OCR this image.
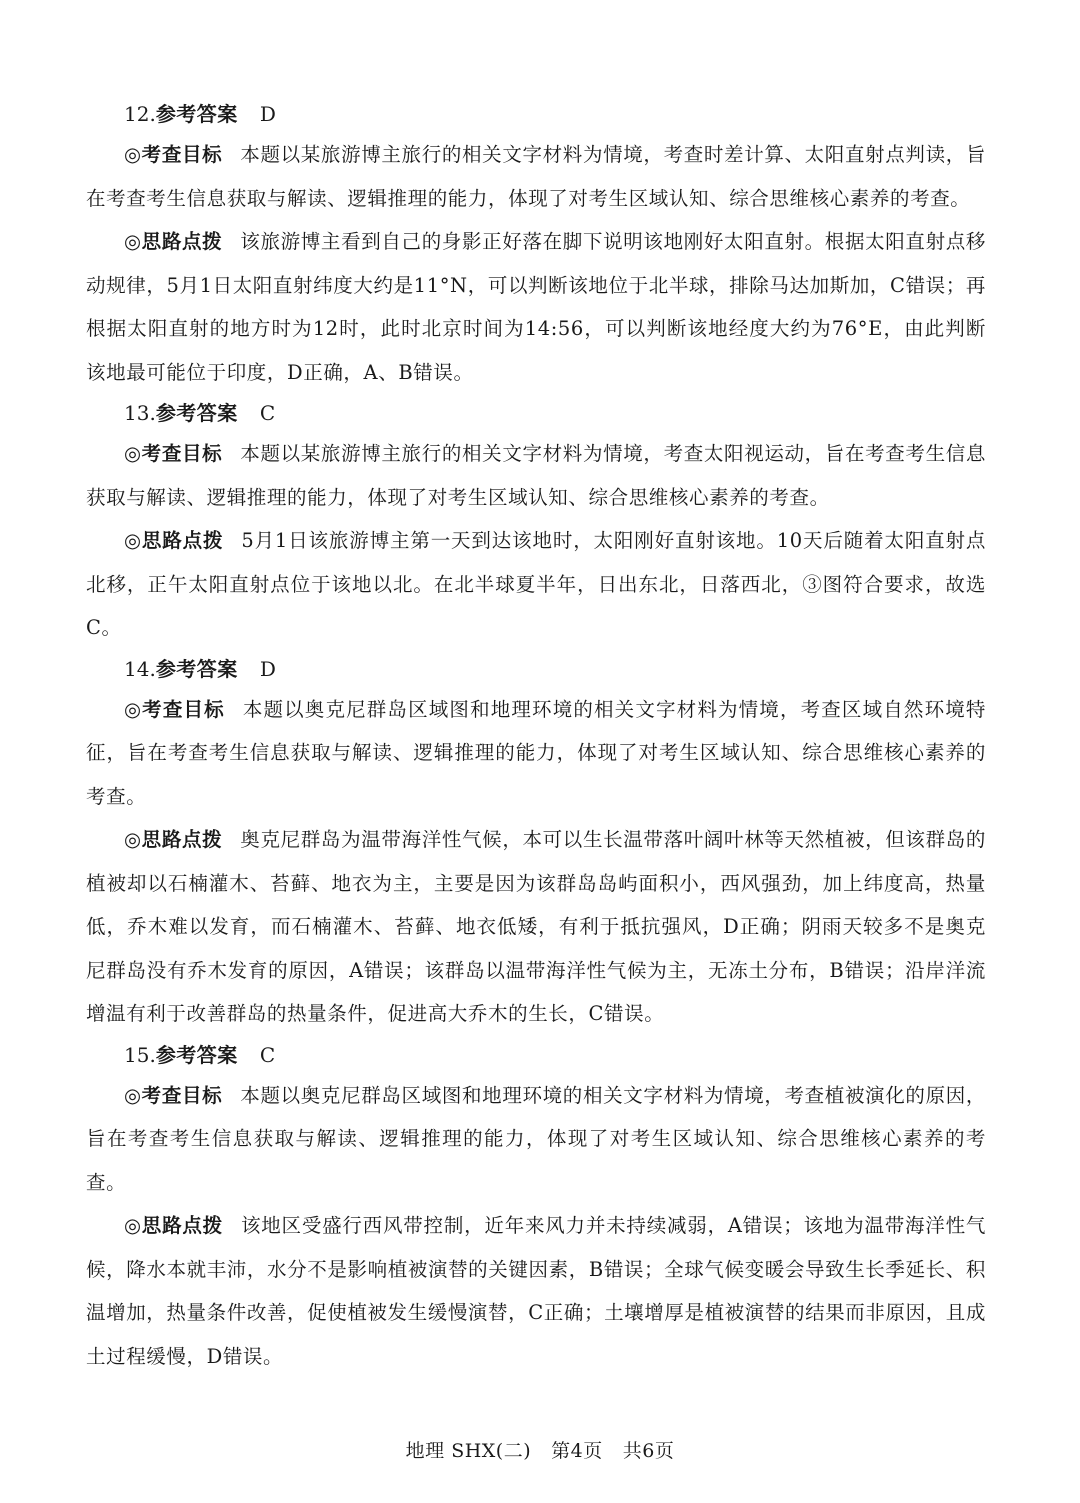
12.参考答案 D

◎考查目标 本题以某旅游博主旅行的相关文字材料为情境，考查时差计算、太阳直射点判读，旨在考查考生信息获取与解读、逻辑推理的能力，体现了对考生区域认知、综合思维核心素养的考查。

◎思路点拨 该旅游博主看到自己的身影正好落在脚下说明该地刚好太阳直射。根据太阳直射点移动规律，5月1日太阳直射纬度大约是11°N，可以判断该地位于北半球，排除马达加斯加，C错误；再根据太阳直射的地方时为12时，此时北京时间为14:56，可以判断该地经度大约为76°E，由此判断该地最可能位于印度，D正确，A、B错误。

13.参考答案 C

◎考查目标 本题以某旅游博主旅行的相关文字材料为情境，考查太阳视运动，旨在考查考生信息获取与解读、逻辑推理的能力，体现了对考生区域认知、综合思维核心素养的考查。

◎思路点拨 5月1日该旅游博主第一天到达该地时，太阳刚好直射该地。10天后随着太阳直射点北移，正午太阳直射点位于该地以北。在北半球夏半年，日出东北，日落西北，③图符合要求，故选C。

14.参考答案 D

◎考查目标 本题以奥克尼群岛区域图和地理环境的相关文字材料为情境，考查区域自然环境特征，旨在考查考生信息获取与解读、逻辑推理的能力，体现了对考生区域认知、综合思维核心素养的考查。

◎思路点拨 奥克尼群岛为温带海洋性气候，本可以生长温带落叶阔叶林等天然植被，但该群岛的植被却以石楠灌木、苔藓、地衣为主，主要是因为该群岛岛屿面积小，西风强劲，加上纬度高，热量低，乔木难以发育，而石楠灌木、苔藓、地衣低矮，有利于抵抗强风，D正确；阴雨天较多不是奥克尼群岛没有乔木发育的原因，A错误；该群岛以温带海洋性气候为主，无冻土分布，B错误；沿岸洋流增温有利于改善群岛的热量条件，促进高大乔木的生长，C错误。

15.参考答案 C

◎考查目标 本题以奥克尼群岛区域图和地理环境的相关文字材料为情境，考查植被演化的原因，旨在考查考生信息获取与解读、逻辑推理的能力，体现了对考生区域认知、综合思维核心素养的考查。

◎思路点拨 该地区受盛行西风带控制，近年来风力并未持续减弱，A错误；该地为温带海洋性气候，降水本就丰沛，水分不是影响植被演替的关键因素，B错误；全球气候变暖会导致生长季延长、积温增加，热量条件改善，促使植被发生缓慢演替，C正确；土壤增厚是植被演替的结果而非原因，且成土过程缓慢，D错误。

地理 SHX(二) 第4页 共6页
